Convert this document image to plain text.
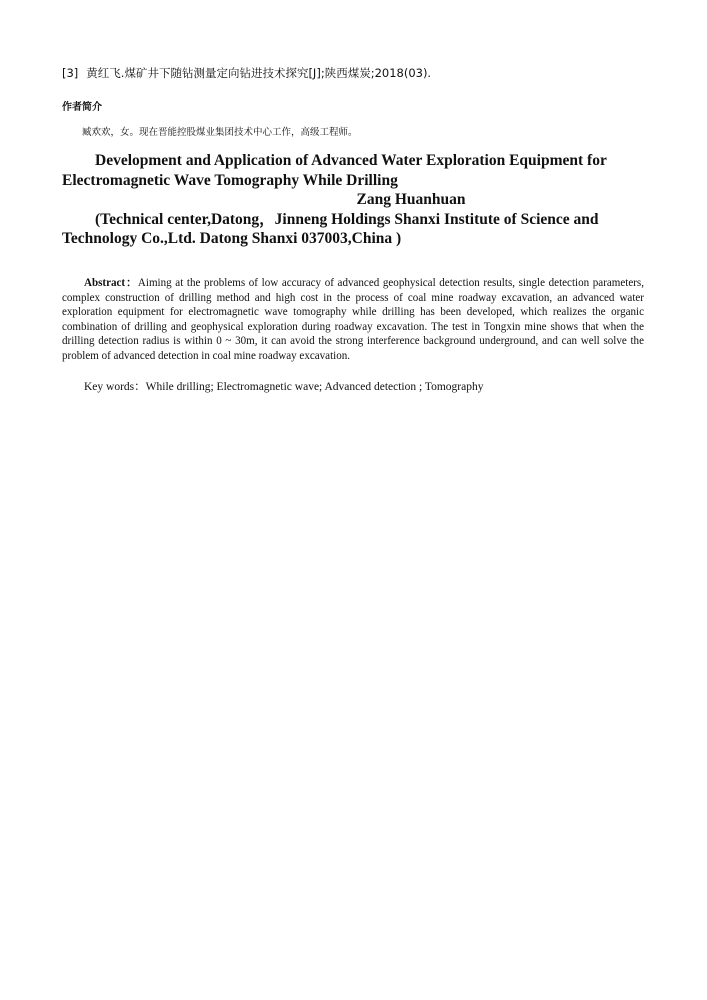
[3] 黄红飞.煤矿井下随钻测量定向钻进技术探究[J];陕西煤炭;2018(03).
作者简介
臧欢欢，女。现在晋能控股煤业集团技术中心工作，高级工程师。

Development and Application of Advanced Water Exploration Equipment for

Electromagnetic Wave Tomography While Drilling

Zang Huanhuan

(Technical center,Datong，Jinneng Holdings Shanxi Institute of Science and

Technology Co.,Ltd. Datong Shanxi 037003,China )

Abstract：Aiming at the problems of low accuracy of advanced geophysical detection results, single detection parameters, complex construction of drilling method and high cost in the process of coal mine roadway excavation, an advanced water exploration equipment for electromagnetic wave tomography while drilling has been developed, which realizes the organic combination of drilling and geophysical exploration during roadway excavation. The test in Tongxin mine shows that when the drilling detection radius is within 0 ~ 30m, it can avoid the strong interference background underground, and can well solve the problem of advanced detection in coal mine roadway excavation.

Key words：While drilling; Electromagnetic wave; Advanced detection ; Tomography
